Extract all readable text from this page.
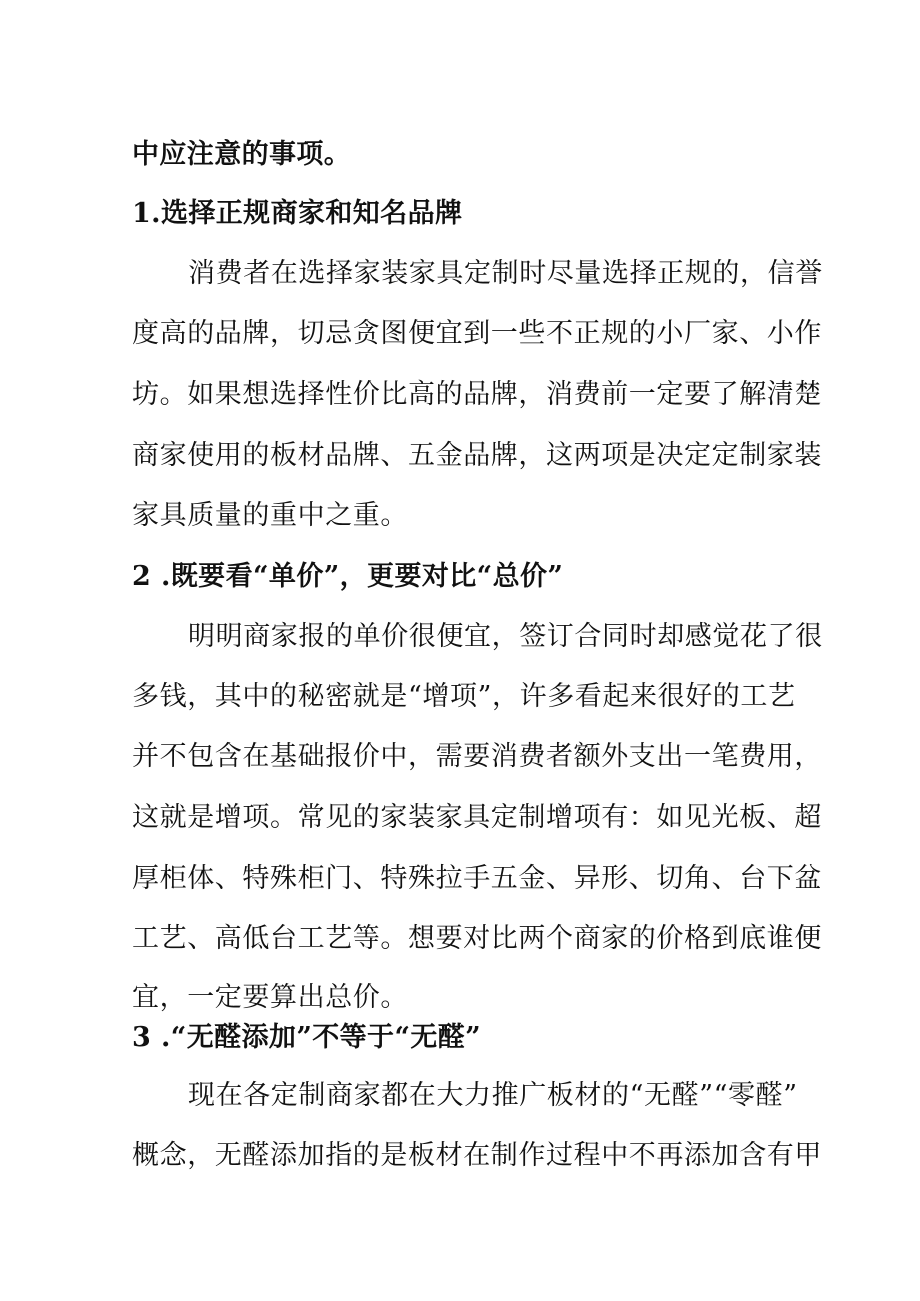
中应注意的事项。
1.选择正规商家和知名品牌
消费者在选择家装家具定制时尽量选择正规的，信誉
度高的品牌，切忌贪图便宜到一些不正规的小厂家、小作
坊。如果想选择性价比高的品牌，消费前一定要了解清楚
商家使用的板材品牌、五金品牌，这两项是决定定制家装
家具质量的重中之重。
2 .既要看“单价”，更要对比“总价”
明明商家报的单价很便宜，签订合同时却感觉花了很
多钱，其中的秘密就是“增项”，许多看起来很好的工艺
并不包含在基础报价中，需要消费者额外支出一笔费用，
这就是增项。常见的家装家具定制增项有：如见光板、超
厚柜体、特殊柜门、特殊拉手五金、异形、切角、台下盆
工艺、高低台工艺等。想要对比两个商家的价格到底谁便
宜，一定要算出总价。
3 .“无醛添加”不等于“无醛”
现在各定制商家都在大力推广板材的“无醛”“零醛”
概念，无醛添加指的是板材在制作过程中不再添加含有甲
